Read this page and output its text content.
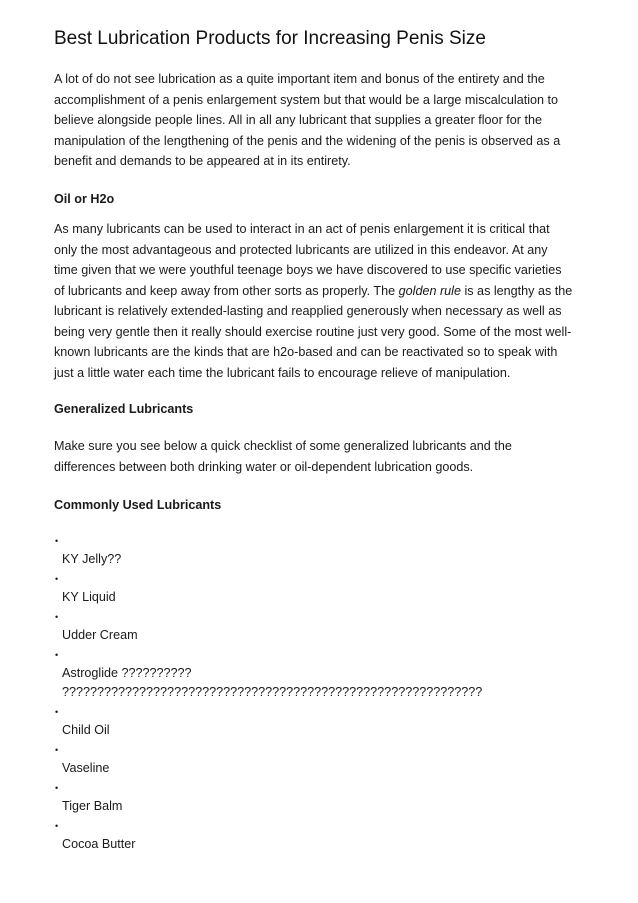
Best Lubrication Products for Increasing Penis Size

A lot of do not see lubrication as a quite important item and bonus of the entirety and the
accomplishment of a penis enlargement system but that would be a large miscalculation to
believe alongside people lines. All in all any lubricant that supplies a greater floor for the
manipulation of the lengthening of the penis and the widening of the penis is observed as a
benefit and demands to be appeared at in its entirety.

Oil or H2o

As many lubricants can be used to interact in an act of penis enlargement it is critical that
only the most advantageous and protected lubricants are utilized in this endeavor. At any
time given that we were youthful teenage boys we have discovered to use specific varieties
of lubricants and keep away from other sorts as properly. The golden rule is as lengthy as the
lubricant is relatively extended-lasting and reapplied generously when necessary as well as
being very gentle then it really should exercise routine just very good. Some of the most well-
known lubricants are the kinds that are h2o-based and can be reactivated so to speak with
just a little water each time the lubricant fails to encourage relieve of manipulation.

Generalized Lubricants

Make sure you see below a quick checklist of some generalized lubricants and the
differences between both drinking water or oil-dependent lubrication goods.

Commonly Used Lubricants
•
KY Jelly??
•
KY Liquid
•
Udder Cream
•
Astroglide ??????????
????????????????????????????????????????????????????????????
•
Child Oil
•
Vaseline
•
Tiger Balm
•
Cocoa Butter
